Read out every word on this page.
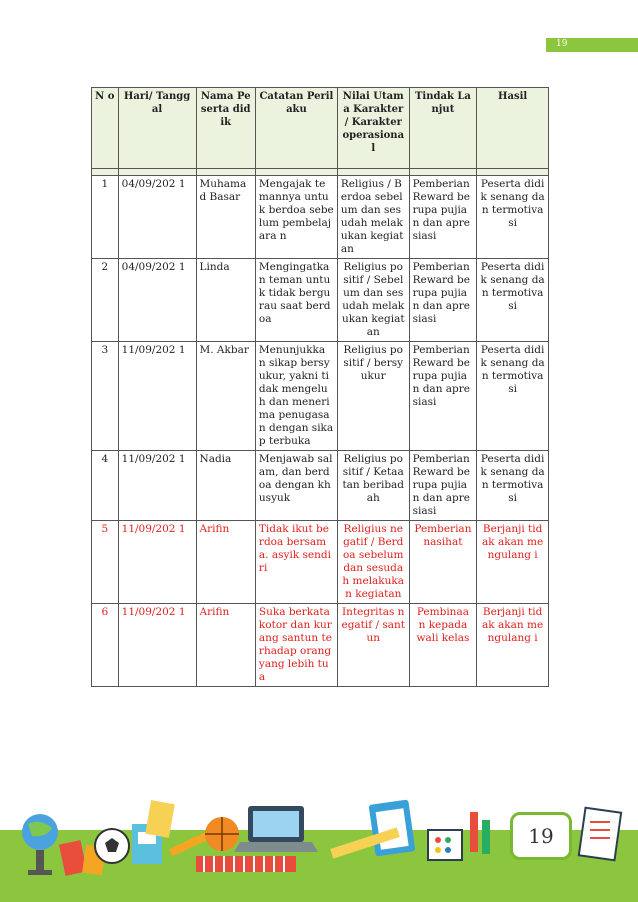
19
N o	Hari/ Tanggal	Nama Peserta didik	Catatan Perilaku	Nilai Utama Karakter / Karakter operasiona l	Tindak Lanjut	Hasil

1	04/09/202 1	Muhama d Basar	Mengajak temannya untuk berdoa sebelum pembelajara n	Religius / Berdoa sebelum dan sesudah melakukan kegiatan	Pemberian Reward berupa pujian dan apresiasi	Peserta didik senang dan termotivasi
2	04/09/202 1	Linda	Mengingatka n teman untuk tidak bergurau saat berdoa	Religius positif / Sebelum dan sesudah melakukan kegiatan	Pemberian Reward berupa pujian dan apresiasi	Peserta didik senang dan termotivasi
3	11/09/202 1	M. Akbar	Menunjukka n sikap bersyukur, yakni tidak mengeluh dan menerima penugasan dengan sikap terbuka	Religius positif / bersyukur	Pemberian Reward berupa pujian dan apresiasi	Peserta didik senang dan termotivasi
4	11/09/202 1	Nadia	Menjawab salam, dan berdoa dengan khusyuk	Religius positif / Ketaatan beribadah	Pemberian Reward berupa pujian dan apresiasi	Peserta didik senang dan termotivasi
5	11/09/202 1	Arifin	Tidak ikut berdoa bersama. asyik sendiri	Religius negatif / Berdoa sebelum dan sesudah melakukan kegiatan	Pemberian nasihat	Berjanji tidak akan mengulang i
6	11/09/202 1	Arifin	Suka berkata kotor dan kurang santun terhadap orang yang lebih tua	Integritas negatif / santun	Pembinaa n kepada wali kelas	Berjanji tidak akan mengulang i
19
